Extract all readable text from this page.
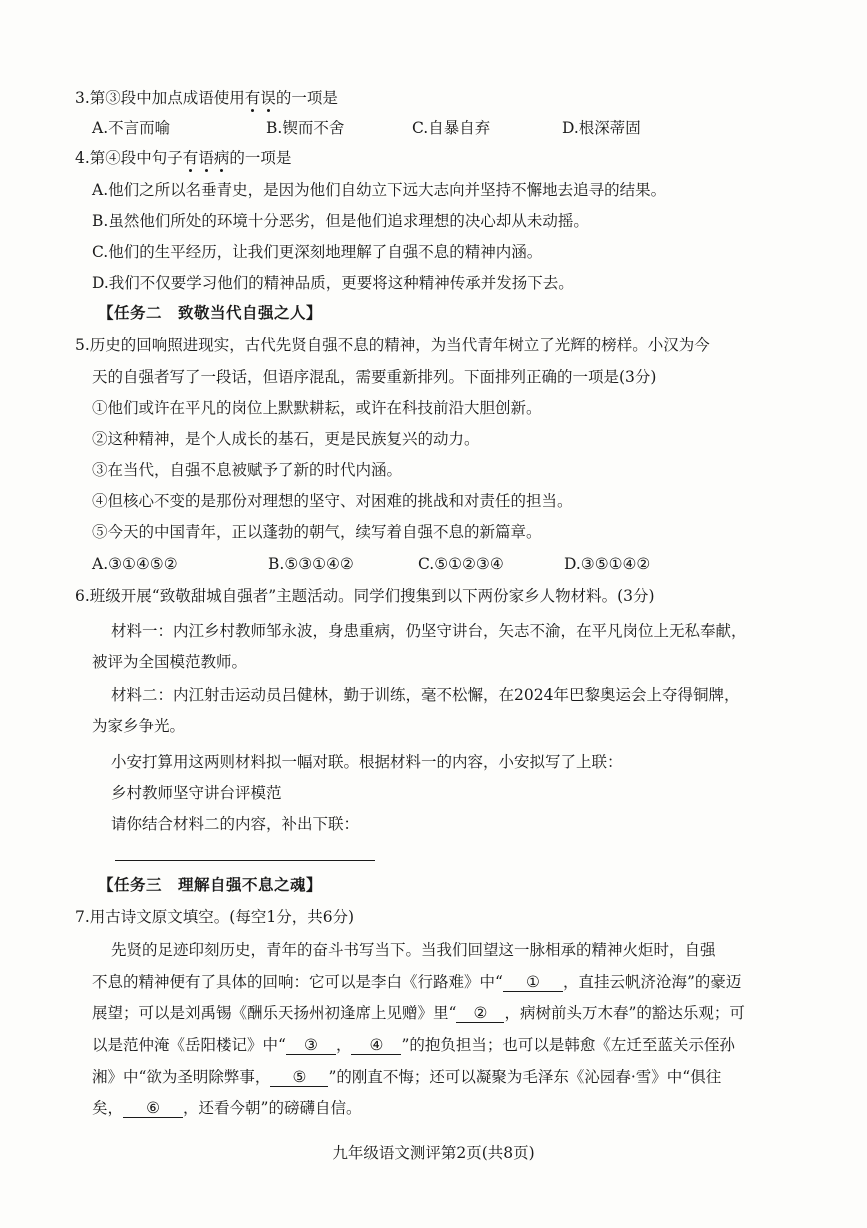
3.第③段中加点成语使用有误的一项是
A.不言而喻	B.锲而不舍	C.自暴自弃	D.根深蒂固
4.第④段中句子有语病的一项是
A.他们之所以名垂青史，是因为他们自幼立下远大志向并坚持不懈地去追寻的结果。
B.虽然他们所处的环境十分恶劣，但是他们追求理想的决心却从未动摇。
C.他们的生平经历，让我们更深刻地理解了自强不息的精神内涵。
D.我们不仅要学习他们的精神品质，更要将这种精神传承并发扬下去。
【任务二　致敬当代自强之人】
5.历史的回响照进现实，古代先贤自强不息的精神，为当代青年树立了光辉的榜样。小汉为今
天的自强者写了一段话，但语序混乱，需要重新排列。下面排列正确的一项是(3分)
①他们或许在平凡的岗位上默默耕耘，或许在科技前沿大胆创新。
②这种精神，是个人成长的基石，更是民族复兴的动力。
③在当代，自强不息被赋予了新的时代内涵。
④但核心不变的是那份对理想的坚守、对困难的挑战和对责任的担当。
⑤今天的中国青年，正以蓬勃的朝气，续写着自强不息的新篇章。
A.③①④⑤②	B.⑤③①④②	C.⑤①②③④	D.③⑤①④②
6.班级开展“致敬甜城自强者”主题活动。同学们搜集到以下两份家乡人物材料。(3分)
材料一：内江乡村教师邹永波，身患重病，仍坚守讲台，矢志不渝，在平凡岗位上无私奉献，
被评为全国模范教师。
材料二：内江射击运动员吕健林，勤于训练，毫不松懈，在2024年巴黎奥运会上夺得铜牌，
为家乡争光。
小安打算用这两则材料拟一幅对联。根据材料一的内容，小安拟写了上联：
乡村教师坚守讲台评模范
请你结合材料二的内容，补出下联：
【任务三　理解自强不息之魂】
7.用古诗文原文填空。(每空1分，共6分)
先贤的足迹印刻历史，青年的奋斗书写当下。当我们回望这一脉相承的精神火炬时，自强
不息的精神便有了具体的回响：它可以是李白《行路难》中“ ① ，直挂云帆济沧海”的豪迈
展望；可以是刘禹锡《酬乐天扬州初逢席上见赠》里“ ② ，病树前头万木春”的豁达乐观；可
以是范仲淹《岳阳楼记》中“ ③ ， ④ ”的抱负担当；也可以是韩愈《左迁至蓝关示侄孙
湘》中“欲为圣明除弊事， ⑤ ”的刚直不悔；还可以凝聚为毛泽东《沁园春·雪》中“俱往
矣， ⑥ ，还看今朝”的磅礴自信。
九年级语文测评第2页(共8页)
